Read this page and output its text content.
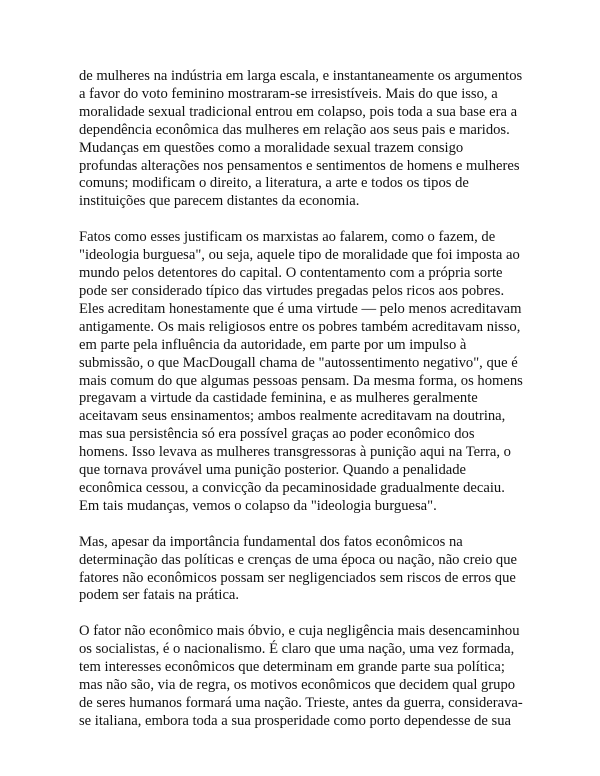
de mulheres na indústria em larga escala, e instantaneamente os argumentos
a favor do voto feminino mostraram-se irresistíveis. Mais do que isso, a
moralidade sexual tradicional entrou em colapso, pois toda a sua base era a
dependência econômica das mulheres em relação aos seus pais e maridos.
Mudanças em questões como a moralidade sexual trazem consigo
profundas alterações nos pensamentos e sentimentos de homens e mulheres
comuns; modificam o direito, a literatura, a arte e todos os tipos de
instituições que parecem distantes da economia.

Fatos como esses justificam os marxistas ao falarem, como o fazem, de
"ideologia burguesa", ou seja, aquele tipo de moralidade que foi imposta ao
mundo pelos detentores do capital. O contentamento com a própria sorte
pode ser considerado típico das virtudes pregadas pelos ricos aos pobres.
Eles acreditam honestamente que é uma virtude — pelo menos acreditavam
antigamente. Os mais religiosos entre os pobres também acreditavam nisso,
em parte pela influência da autoridade, em parte por um impulso à
submissão, o que MacDougall chama de "autossentimento negativo", que é
mais comum do que algumas pessoas pensam. Da mesma forma, os homens
pregavam a virtude da castidade feminina, e as mulheres geralmente
aceitavam seus ensinamentos; ambos realmente acreditavam na doutrina,
mas sua persistência só era possível graças ao poder econômico dos
homens. Isso levava as mulheres transgressoras à punição aqui na Terra, o
que tornava provável uma punição posterior. Quando a penalidade
econômica cessou, a convicção da pecaminosidade gradualmente decaiu.
Em tais mudanças, vemos o colapso da "ideologia burguesa".

Mas, apesar da importância fundamental dos fatos econômicos na
determinação das políticas e crenças de uma época ou nação, não creio que
fatores não econômicos possam ser negligenciados sem riscos de erros que
podem ser fatais na prática.

O fator não econômico mais óbvio, e cuja negligência mais desencaminhou
os socialistas, é o nacionalismo. É claro que uma nação, uma vez formada,
tem interesses econômicos que determinam em grande parte sua política;
mas não são, via de regra, os motivos econômicos que decidem qual grupo
de seres humanos formará uma nação. Trieste, antes da guerra, considerava-
se italiana, embora toda a sua prosperidade como porto dependesse de sua
